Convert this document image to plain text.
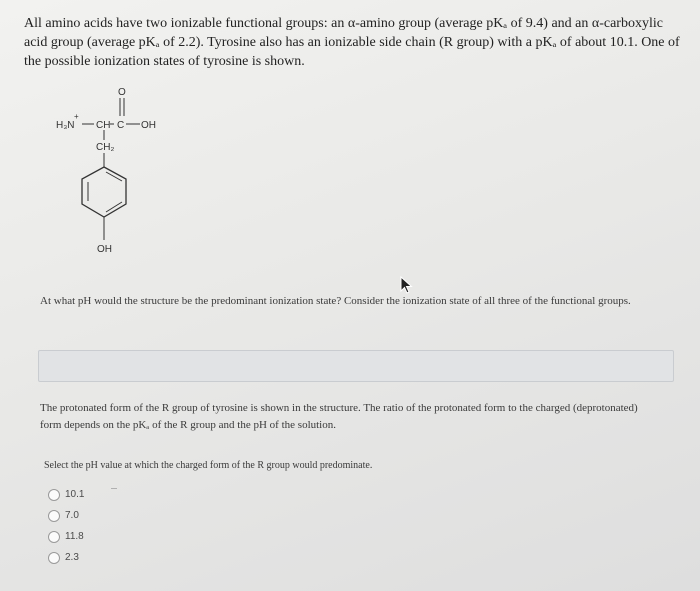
All amino acids have two ionizable functional groups: an α-amino group (average pKₐ of 9.4) and an α-carboxylic acid group (average pKₐ of 2.2). Tyrosine also has an ionizable side chain (R group) with a pKₐ of about 10.1. One of the possible ionization states of tyrosine is shown.
H₃N
+
CH
O
C OH
CH₂
OH
At what pH would the structure be the predominant ionization state? Consider the ionization state of all three of the functional groups.
The protonated form of the R group of tyrosine is shown in the structure. The ratio of the protonated form to the charged (deprotonated) form depends on the pKₐ of the R group and the pH of the solution.
Select the pH value at which the charged form of the R group would predominate.
10.1
7.0
11.8
2.3
